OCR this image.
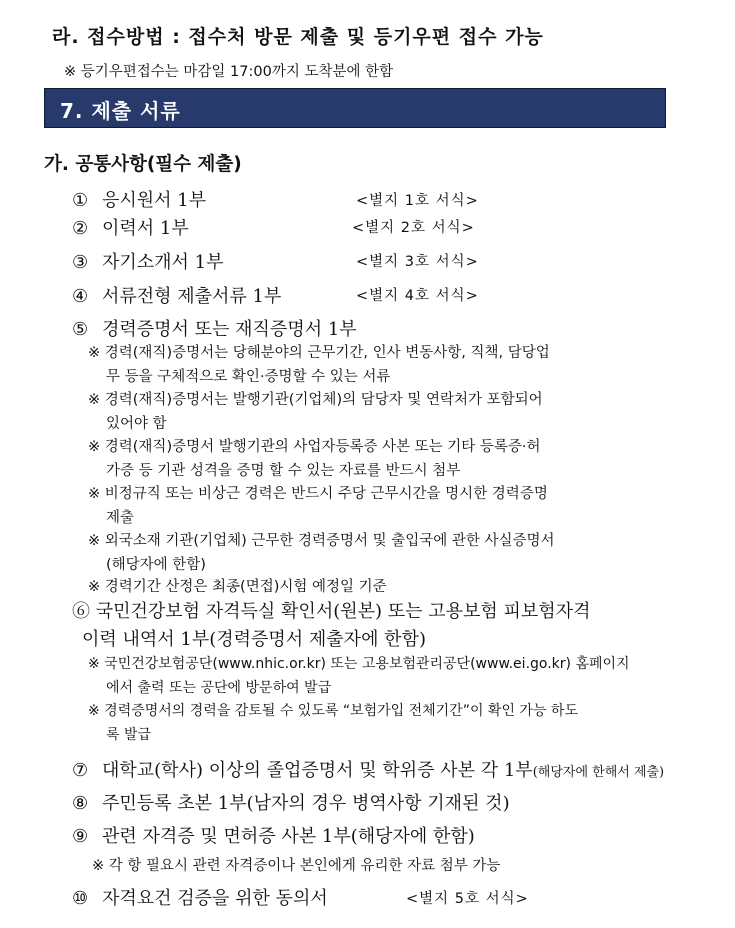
라. 접수방법 : 접수처 방문 제출 및 등기우편 접수 가능
※ 등기우편접수는 마감일 17:00까지 도착분에 한함
7. 제출 서류
가. 공통사항(필수 제출)
① 응시원서 1부	<별지 1호 서식>
② 이력서 1부	<별지 2호 서식>
③ 자기소개서 1부	<별지 3호 서식>
④ 서류전형 제출서류 1부	<별지 4호 서식>
⑤ 경력증명서 또는 재직증명서 1부
※ 경력(재직)증명서는 당해분야의 근무기간, 인사 변동사항, 직책, 담당업
무 등을 구체적으로 확인·증명할 수 있는 서류
※ 경력(재직)증명서는 발행기관(기업체)의 담당자 및 연락처가 포함되어
있어야 함
※ 경력(재직)증명서 발행기관의 사업자등록증 사본 또는 기타 등록증·허
가증 등 기관 성격을 증명 할 수 있는 자료를 반드시 첨부
※ 비정규직 또는 비상근 경력은 반드시 주당 근무시간을 명시한 경력증명
제출
※ 외국소재 기관(기업체) 근무한 경력증명서 및 출입국에 관한 사실증명서
(해당자에 한함)
※ 경력기간 산정은 최종(면접)시험 예정일 기준
⑥ 국민건강보험 자격득실 확인서(원본) 또는 고용보험 피보험자격
이력 내역서 1부(경력증명서 제출자에 한함)
※ 국민건강보험공단(www.nhic.or.kr) 또는 고용보험관리공단(www.ei.go.kr) 홈페이지
에서 출력 또는 공단에 방문하여 발급
※ 경력증명서의 경력을 감토될 수 있도록 “보험가입 전체기간”이 확인 가능 하도
록 발급
⑦ 대학교(학사) 이상의 졸업증명서 및 학위증 사본 각 1부(해당자에 한해서 제출)
⑧ 주민등록 초본 1부(남자의 경우 병역사항 기재된 것)
⑨ 관련 자격증 및 면허증 사본 1부(해당자에 한함)
※ 각 항 필요시 관련 자격증이나 본인에게 유리한 자료 첨부 가능
⑩ 자격요건 검증을 위한 동의서	<별지 5호 서식>
